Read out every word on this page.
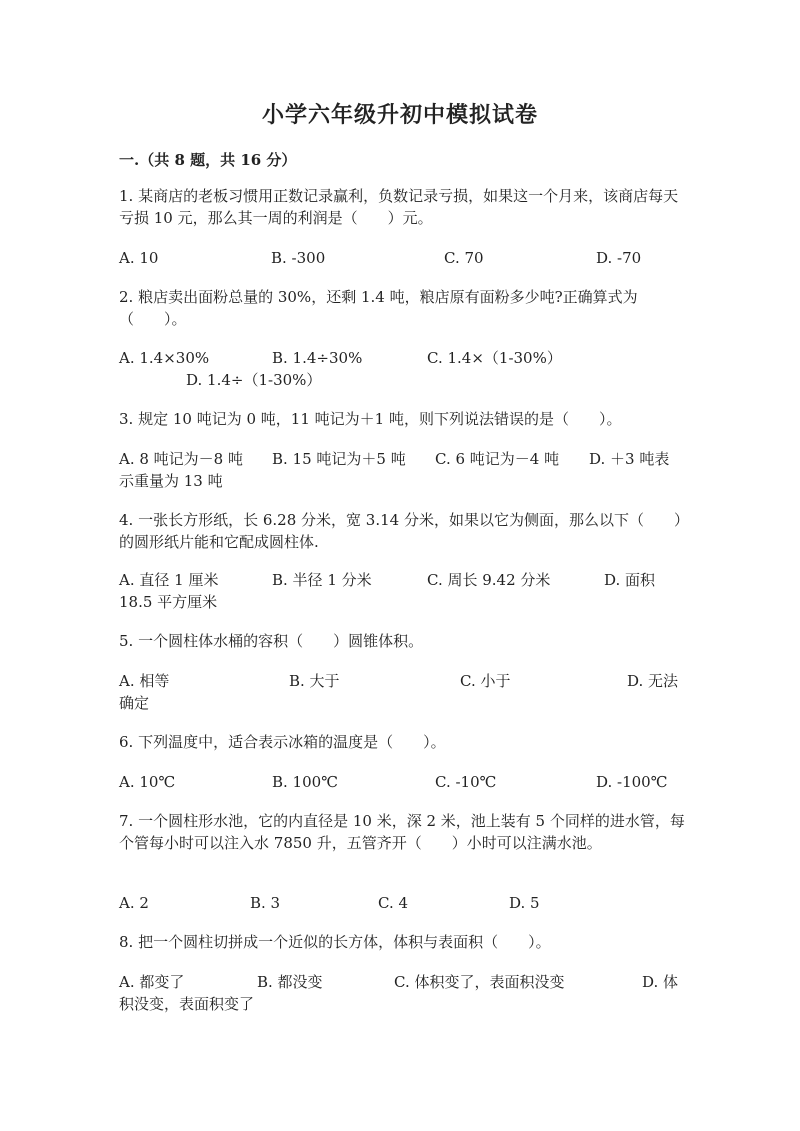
小学六年级升初中模拟试卷
一.（共 8 题，共 16 分）
1. 某商店的老板习惯用正数记录赢利，负数记录亏损，如果这一个月来，该商店每天亏损 10 元，那么其一周的利润是（　　）元。
A. 10	B. -300	C. 70	D. -70
2. 粮店卖出面粉总量的 30%，还剩 1.4 吨，粮店原有面粉多少吨?正确算式为（　　）。
A. 1.4×30%	B. 1.4÷30%	C. 1.4×（1-30%）
D. 1.4÷（1-30%）
3. 规定 10 吨记为 0 吨，11 吨记为＋1 吨，则下列说法错误的是（　　）。
A. 8 吨记为－8 吨 B. 15 吨记为＋5 吨 C. 6 吨记为－4 吨 D. ＋3 吨表
示重量为 13 吨
4. 一张长方形纸，长 6.28 分米，宽 3.14 分米，如果以它为侧面，那么以下（　　）的圆形纸片能和它配成圆柱体.
A. 直径 1 厘米	B. 半径 1 分米	C. 周长 9.42 分米	D. 面积
18.5 平方厘米
5. 一个圆柱体水桶的容积（　　）圆锥体积。
A. 相等	B. 大于	C. 小于	D. 无法
确定
6. 下列温度中，适合表示冰箱的温度是（　　）。
A. 10℃	B. 100℃	C. -10℃	D. -100℃
7. 一个圆柱形水池，它的内直径是 10 米，深 2 米，池上装有 5 个同样的进水管，每个管每小时可以注入水 7850 升，五管齐开（　　）小时可以注满水池。
A. 2	B. 3	C. 4	D. 5
8. 把一个圆柱切拼成一个近似的长方体，体积与表面积（　　）。
A. 都变了	B. 都没变	C. 体积变了，表面积没变	D. 体
积没变，表面积变了
